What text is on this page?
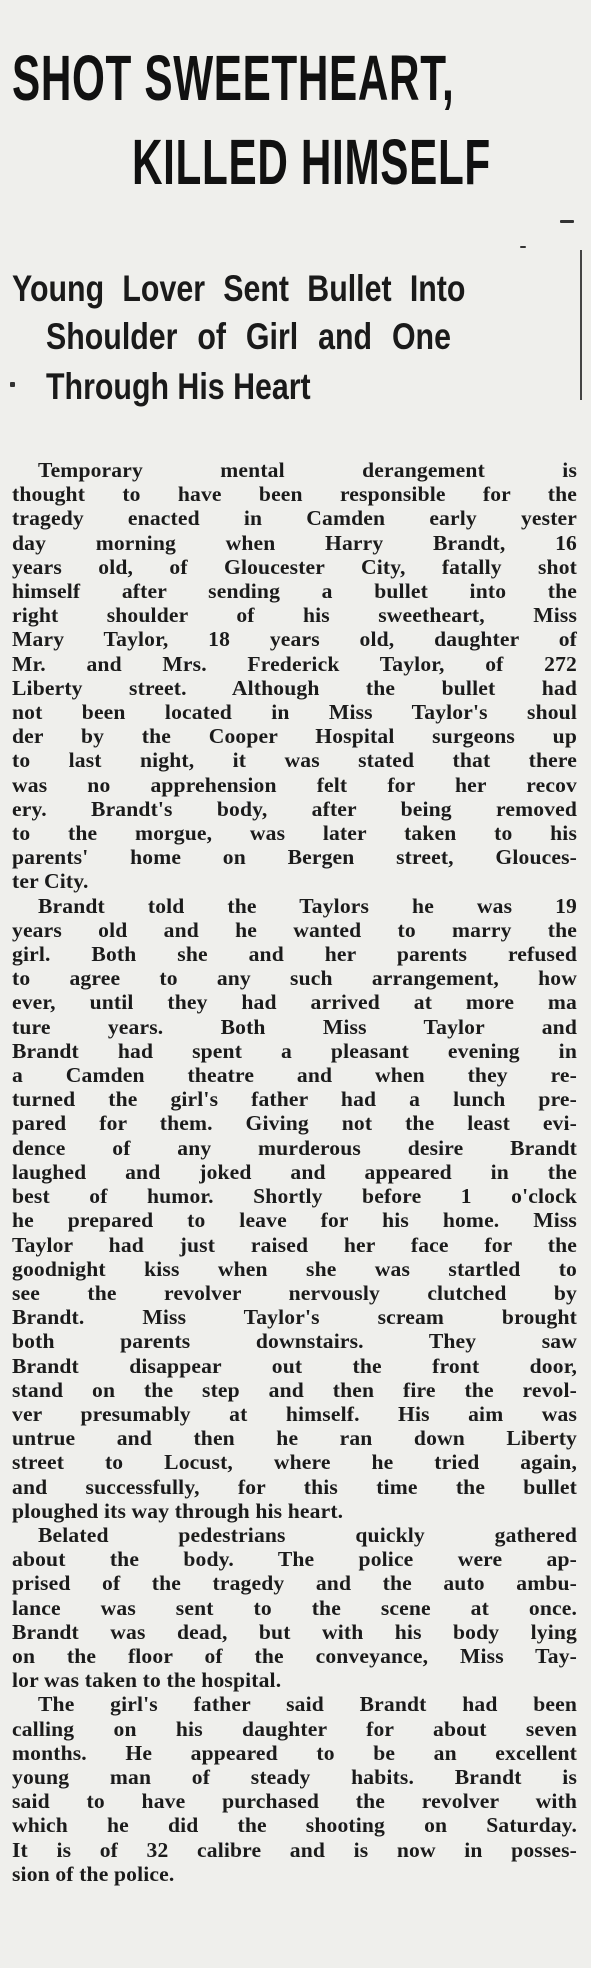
SHOT SWEETHEART,
KILLED HIMSELF
Young Lover Sent Bullet Into
Shoulder of Girl and One
Through His Heart

Temporary mental derangement is

thought to have been responsible for the

tragedy enacted in Camden early yester

day morning when Harry Brandt, 16

years old, of Gloucester City, fatally shot

himself after sending a bullet into the

right shoulder of his sweetheart, Miss

Mary Taylor, 18 years old, daughter of

Mr. and Mrs. Frederick Taylor, of 272

Liberty street. Although the bullet had

not been located in Miss Taylor's shoul

der by the Cooper Hospital surgeons up

to last night, it was stated that there

was no apprehension felt for her recov

ery. Brandt's body, after being removed

to the morgue, was later taken to his

parents' home on Bergen street, Glouces-

ter City.

Brandt told the Taylors he was 19

years old and he wanted to marry the

girl. Both she and her parents refused

to agree to any such arrangement, how

ever, until they had arrived at more ma

ture years. Both Miss Taylor and

Brandt had spent a pleasant evening in

a Camden theatre and when they re-

turned the girl's father had a lunch pre-

pared for them. Giving not the least evi-

dence of any murderous desire Brandt

laughed and joked and appeared in the

best of humor. Shortly before 1 o'clock

he prepared to leave for his home. Miss

Taylor had just raised her face for the

goodnight kiss when she was startled to

see the revolver nervously clutched by

Brandt. Miss Taylor's scream brought

both parents downstairs. They saw

Brandt disappear out the front door,

stand on the step and then fire the revol-

ver presumably at himself. His aim was

untrue and then he ran down Liberty

street to Locust, where he tried again,

and successfully, for this time the bullet

ploughed its way through his heart.

Belated pedestrians quickly gathered

about the body. The police were ap-

prised of the tragedy and the auto ambu-

lance was sent to the scene at once.

Brandt was dead, but with his body lying

on the floor of the conveyance, Miss Tay-

lor was taken to the hospital.

The girl's father said Brandt had been

calling on his daughter for about seven

months. He appeared to be an excellent

young man of steady habits. Brandt is

said to have purchased the revolver with

which he did the shooting on Saturday.

It is of 32 calibre and is now in posses-

sion of the police.
